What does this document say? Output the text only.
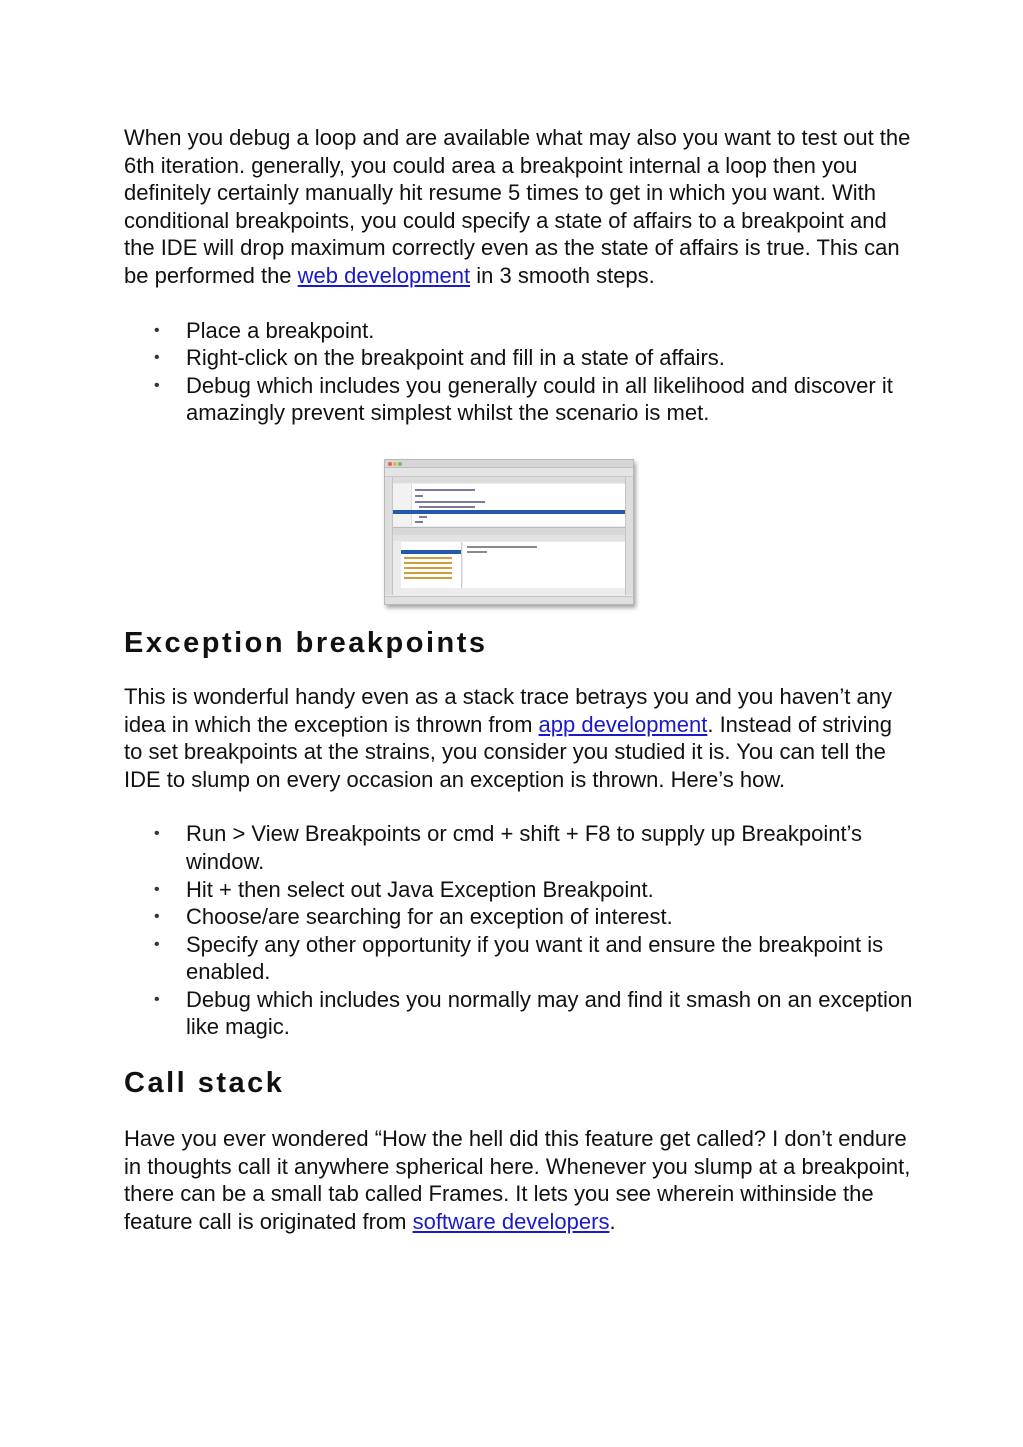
When you debug a loop and are available what may also you want to test out the 6th iteration. generally, you could area a breakpoint internal a loop then you definitely certainly manually hit resume 5 times to get in which you want. With conditional breakpoints, you could specify a state of affairs to a breakpoint and the IDE will drop maximum correctly even as the state of affairs is true. This can be performed the web development in 3 smooth steps.

• Place a breakpoint.
• Right-click on the breakpoint and fill in a state of affairs.
• Debug which includes you generally could in all likelihood and discover it amazingly prevent simplest whilst the scenario is met.
Exception breakpoints

This is wonderful handy even as a stack trace betrays you and you haven’t any idea in which the exception is thrown from app development. Instead of striving to set breakpoints at the strains, you consider you studied it is. You can tell the IDE to slump on every occasion an exception is thrown. Here’s how.

• Run > View Breakpoints or cmd + shift + F8 to supply up Breakpoint’s window.
• Hit + then select out Java Exception Breakpoint.
• Choose/are searching for an exception of interest.
• Specify any other opportunity if you want it and ensure the breakpoint is enabled.
• Debug which includes you normally may and find it smash on an exception like magic.
Call stack

Have you ever wondered “How the hell did this feature get called? I don’t endure in thoughts call it anywhere spherical here. Whenever you slump at a breakpoint, there can be a small tab called Frames. It lets you see wherein withinside the feature call is originated from software developers.
